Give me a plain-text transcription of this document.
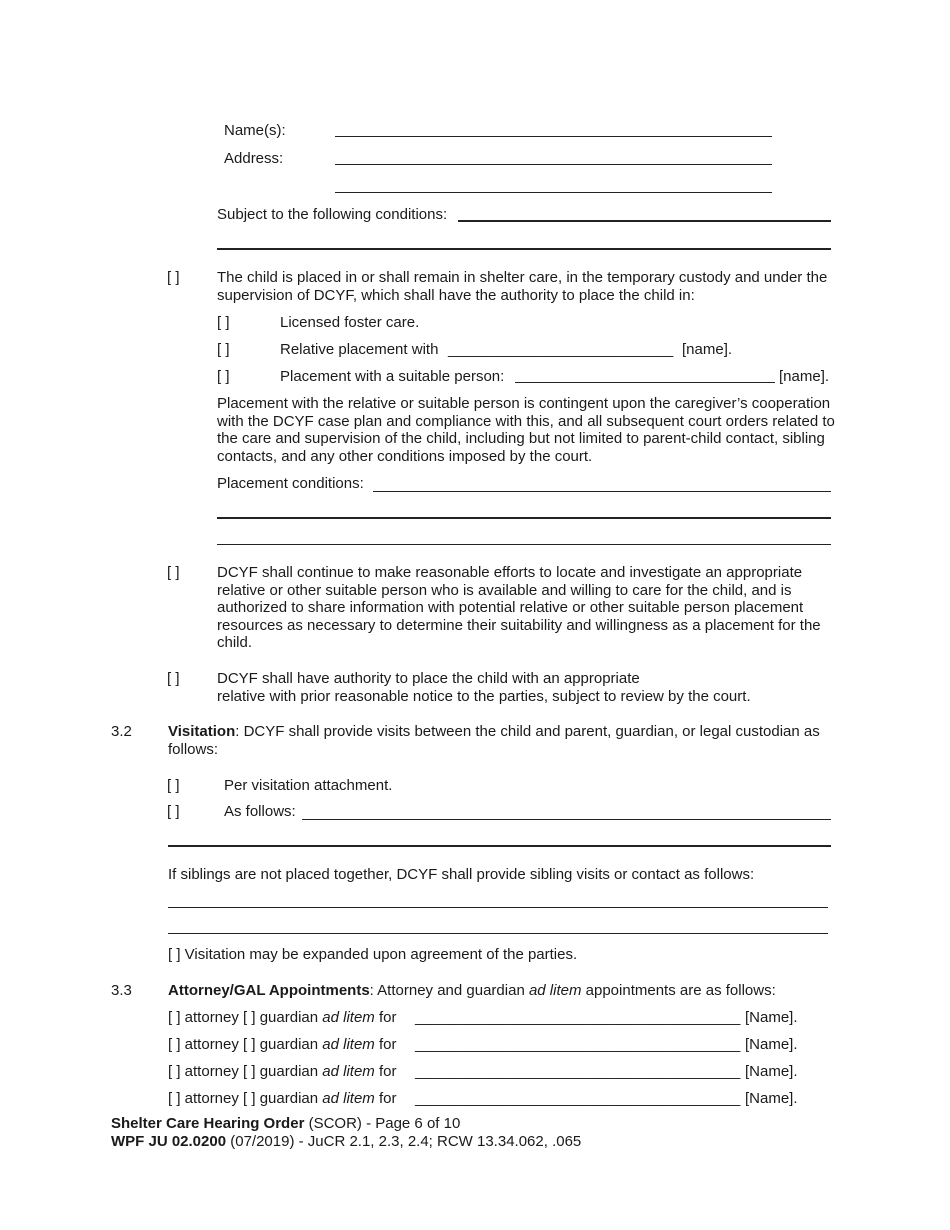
Name(s):
Address:
Subject to the following conditions:
[ ] The child is placed in or shall remain in shelter care, in the temporary custody and under the supervision of DCYF, which shall have the authority to place the child in:
[ ]	Licensed foster care.
[ ]	Relative placement with ___________________________ [name].
[ ]	Placement with a suitable person:	[name].
Placement with the relative or suitable person is contingent upon the caregiver’s cooperation with the DCYF case plan and compliance with this, and all subsequent court orders related to the care and supervision of the child, including but not limited to parent-child contact, sibling contacts, and any other conditions imposed by the court.
Placement conditions:
[ ] DCYF shall continue to make reasonable efforts to locate and investigate an appropriate relative or other suitable person who is available and willing to care for the child, and is authorized to share information with potential relative or other suitable person placement resources as necessary to determine their suitability and willingness as a placement for the child.
[ ] DCYF shall have authority to place the child with an appropriate
relative with prior reasonable notice to the parties, subject to review by the court.
3.2 Visitation: DCYF shall provide visits between the child and parent, guardian, or legal custodian as follows:
[ ]	Per visitation attachment.
[ ]	As follows:
If siblings are not placed together, DCYF shall provide sibling visits or contact as follows:
[ ] Visitation may be expanded upon agreement of the parties.
3.3 Attorney/GAL Appointments: Attorney and guardian ad litem appointments are as follows:
[ ] attorney [ ] guardian ad litem for _______________________________________ [Name].
[ ] attorney [ ] guardian ad litem for _______________________________________ [Name].
[ ] attorney [ ] guardian ad litem for _______________________________________ [Name].
[ ] attorney [ ] guardian ad litem for _______________________________________ [Name].
Shelter Care Hearing Order (SCOR) - Page 6 of 10
WPF JU 02.0200 (07/2019) - JuCR 2.1, 2.3, 2.4; RCW 13.34.062, .065
